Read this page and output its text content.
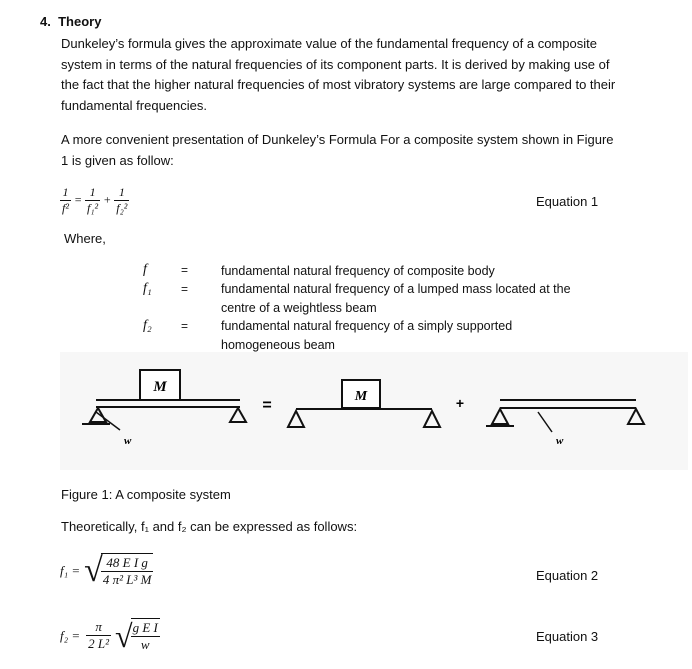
4. Theory
Dunkeley’s formula gives the approximate value of the fundamental frequency of a composite
system in terms of the natural frequencies of its component parts. It is derived by making use of
the fact that the higher natural frequencies of most vibratory systems are large compared to their
fundamental frequencies.
A more convenient presentation of Dunkeley’s Formula For a composite system shown in Figure
1 is given as follow:
$\frac{1}{\text{f²}} = \frac{1}{\text{f₁²}} + \frac{1}{\text{f₂²}}$	Equation 1
Where,
f	=	fundamental natural frequency of composite body
f₁ =	fundamental natural frequency of a lumped mass located at the
centre of a weightless beam
f₂ =	fundamental natural frequency of a simply supported
homogeneous beam
M
w
=
M	+
w
Figure 1: A composite system
Theoretically, f₁ and f₂ can be expressed as follows:
f₁ = √
$\frac{\text{48 E I g}}{\text{4 π² L³ M}}$	Equation 2
$f_2 = \frac{\pi}{\text{2 L²}}$ √
$\frac{\text{g E I}}{w}$	Equation 3
